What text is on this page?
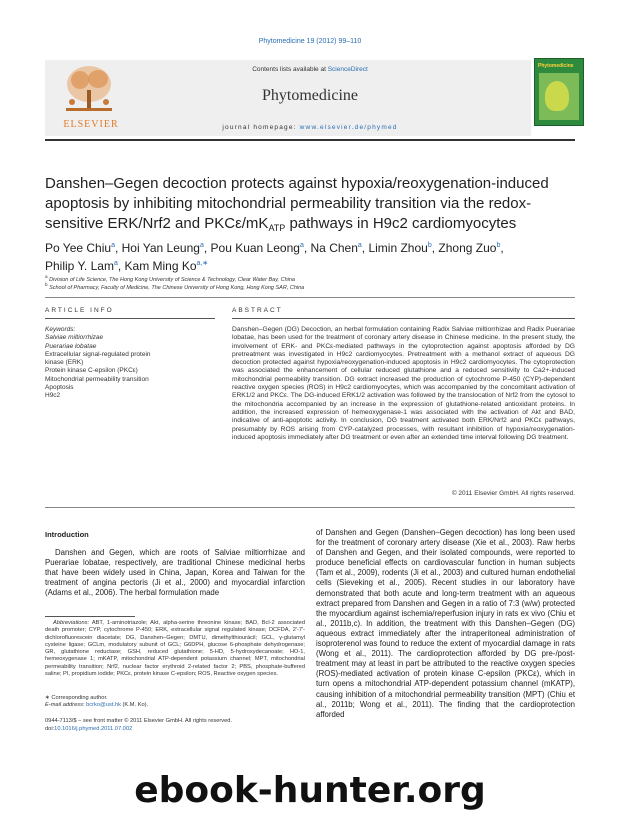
Phytomedicine 19 (2012) 99–110
Contents lists available at ScienceDirect
ELSEVIER
Phytomedicine
journal homepage: www.elsevier.de/phymed
Phytomedicine
Danshen–Gegen decoction protects against hypoxia/reoxygenation-induced apoptosis by inhibiting mitochondrial permeability transition via the redox-sensitive ERK/Nrf2 and PKCε/$mK_{ATP}$ pathways in H9c2 cardiomyocytes
Po Yee Chiu$^a$, Hoi Yan Leung$^a$, Pou Kuan Leong$^a$, Na Chen$^a$, Limin Zhou$^b$, Zhong Zuo$^b$,
Philip Y. Lam$^a$, Kam Ming $Ko^{a,∗}$
$^a$ Division of Life Science, The Hong Kong University of Science & Technology, Clear Water Bay, China
$^b$ School of Pharmacy, Faculty of Medicine, The Chinese University of Hong Kong, Hong Kong SAR, China
ARTICLE INFO	ABSTRACT
Keywords:
Salviae miltiorrhizae
Puerariae lobatae
Extracellular signal-regulated protein
kinase (ERK)
Protein kinase C-epsilon (PKCε)
Mitochondrial permeability transition
Apoptosis
H9c2
Danshen–Gegen (DG) Decoction, an herbal formulation containing Radix Salviae miltiorrhizae and Radix Puerariae lobatae, has been used for the treatment of coronary artery disease in Chinese medicine. In the present study, the involvement of ERK- and PKCε-mediated pathways in the cytoprotection against apoptosis afforded by DG pretreatment was investigated in H9c2 cardiomyocytes. Pretreatment with a methanol extract of aqueous DG decoction protected against hypoxia/reoxygenation-induced apoptosis in H9c2 cardiomyocytes. The cytoprotection was associated the enhancement of cellular reduced glutathione and a reduced sensitivity to Ca2+-induced mitochondrial permeability transition. DG extract increased the production of cytochrome P-450 (CYP)-dependent reactive oxygen species (ROS) in H9c2 cardiomyocytes, which was accompanied by the concomitant activation of ERK1/2 and PKCε. The DG-induced ERK1/2 activation was followed by the translocation of Nrf2 from the cytosol to the mitochondria accompanied by an increase in the expression of glutathione-related antioxidant proteins. In addition, the increased expression of hemeoxygenase-1 was associated with the activation of Akt and BAD, indicative of anti-apoptotic activity. In conclusion, DG treatment activated both ERK/Nrf2 and PKCε pathways, presumably by ROS arising from CYP-catalyzed processes, with resultant inhibition of hypoxia/reoxygenation-induced apoptosis immediately after DG treatment or even after an extended time interval following DG treatment.
© 2011 Elsevier GmbH. All rights reserved.
Introduction
Danshen and Gegen, which are roots of Salviae miltiorrhizae and Puerariae lobatae, respectively, are traditional Chinese medicinal herbs that have been widely used in China, Japan, Korea and Taiwan for the treatment of angina pectoris (Ji et al., 2000) and myocardial infarction (Adams et al., 2006). The herbal formulation made
of Danshen and Gegen (Danshen–Gegen decoction) has long been used for the treatment of coronary artery disease (Xie et al., 2003). Raw herbs of Danshen and Gegen, and their isolated compounds, were reported to produce beneficial effects on cardiovascular function in human subjects (Tam et al., 2009), rodents (Ji et al., 2003) and cultured human endothelial cells (Sieveking et al., 2005). Recent studies in our laboratory have demonstrated that both acute and long-term treatment with an aqueous extract prepared from Danshen and Gegen in a ratio of 7:3 (w/w) protected the myocardium against ischemia/reperfusion injury in rats ex vivo (Chiu et al., 2011b,c). In addition, the treatment with this Danshen–Gegen (DG) aqueous extract immediately after the intraperitoneal administration of isoproterenol was found to reduce the extent of myocardial damage in rats (Wong et al., 2011). The cardioprotection afforded by DG pre-/post-treatment may at least in part be attributed to the reactive oxygen species (ROS)-mediated activation of protein kinase C-epsilon (PKCε), which in turn opens a mitochondrial ATP-dependent potassium channel (mKATP), causing inhibition of a mitochondrial permeability transition (MPT) (Chiu et al., 2011b; Wong et al., 2011). The finding that the cardioprotection afforded
Abbreviations: ABT, 1-aminotriazole; Akt, alpha-serine threonine kinase; BAD, Bcl-2 associated death promoter; CYP, cytochrome P-450; ERK, extracellular signal regulated kinase; DCFDA, 2′-7′-dichlorofluorescein diacetate; DG, Danshen–Gegen; DMTU, dimethylthiourácil; GCL, γ-glutamyl cysteine ligase; GCLm, modulatory subunit of GCL; G6DPH, glucose 6-phosphate dehydrogenase; GR, glutathione reductase; GSH, reduced glutathione; 5-HD, 5-hydroxydecanoate; HO-1, hemeoxygenase 1; mKATP, mitochondrial ATP-dependent potassium channel; MPT, mitochondrial permeability transition; Nrf2, nuclear factor erythroid 2-related factor 2; PBS, phosphate-buffered saline; PI, propidium iodide; PKCε, protein kinase C-epsilon; ROS, Reactive oxygen species.
∗ Corresponding author.
E-mail address: bcrko@ust.hk (K.M. Ko).
0944-7113/$ – see front matter © 2011 Elsevier GmbH. All rights reserved.
doi:10.1016/j.phymed.2011.07.002
ebook-hunter.org
